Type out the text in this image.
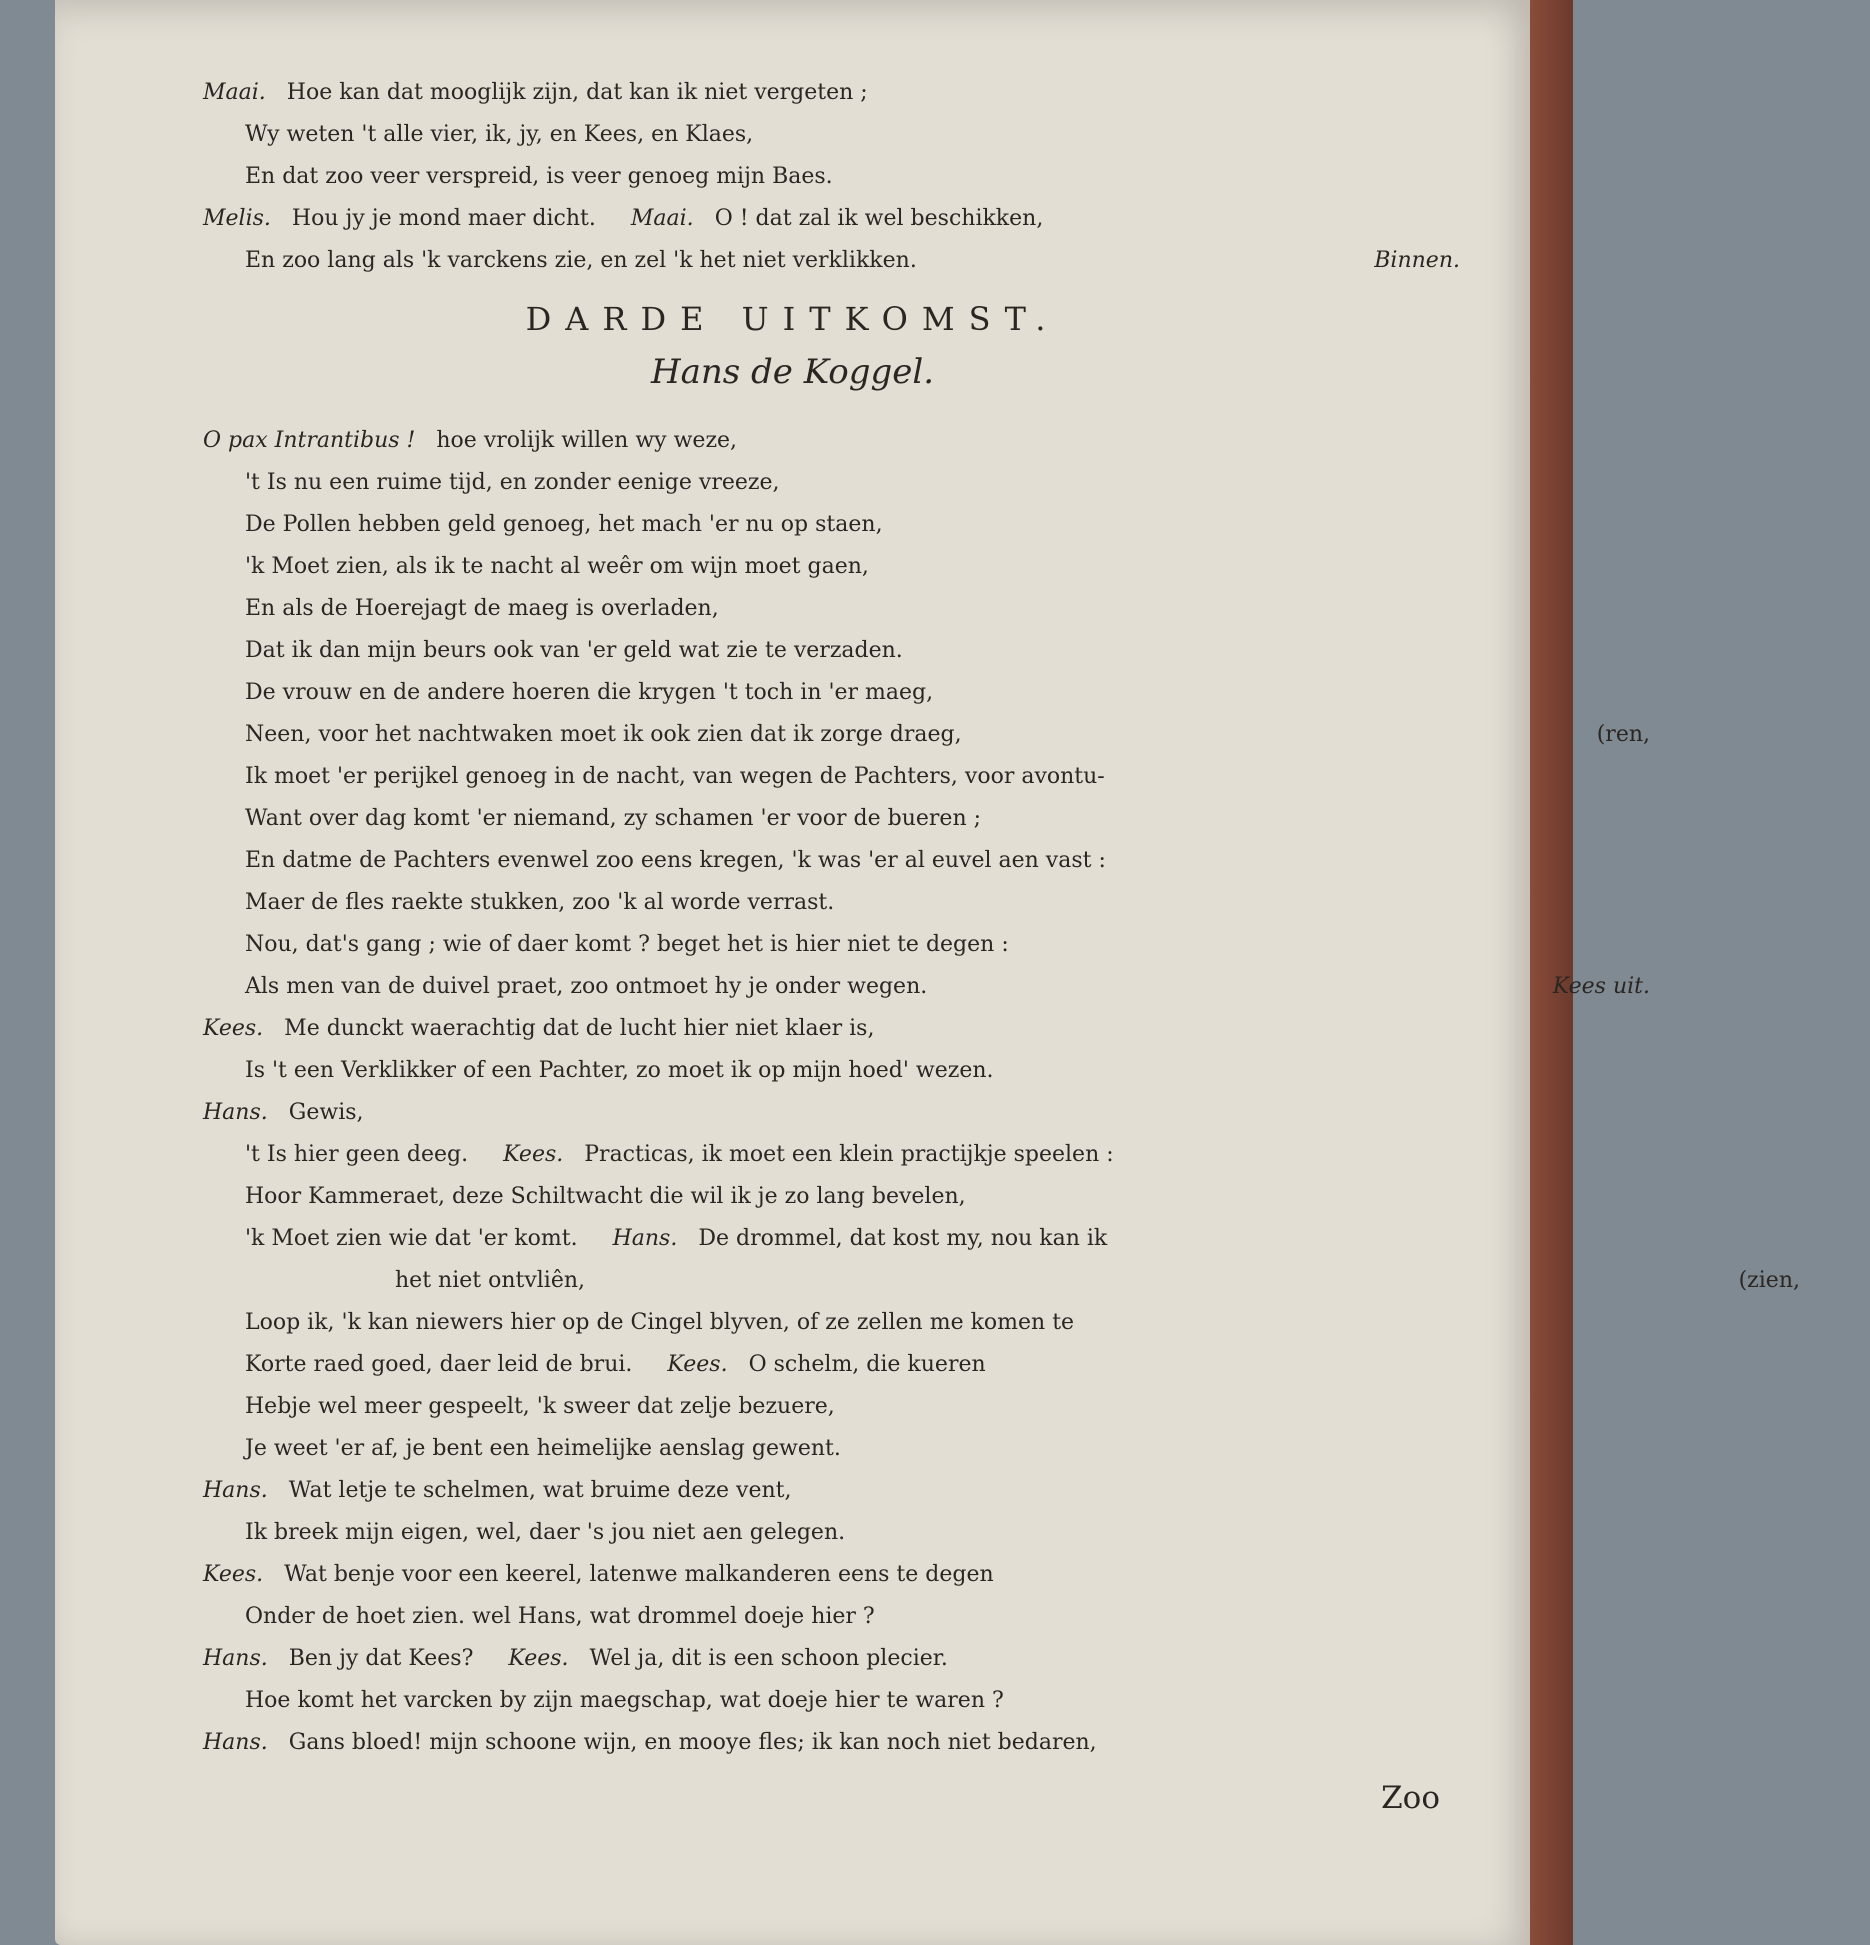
Maai. Hoe kan dat mooglijk zijn, dat kan ik niet vergeten ;
Wy weten 't alle vier, ik, jy, en Kees, en Klaes,
En dat zoo veer verspreid, is veer genoeg mijn Baes.
Melis. Hou jy je mond maer dicht. Maai. O ! dat zal ik wel beschikken,
En zoo lang als 'k varckens zie, en zel 'k het niet verklikken.	Binnen.
DARDE UITKOMST.
Hans de Koggel.
O pax Intrantibus ! hoe vrolijk willen wy weze,
't Is nu een ruime tijd, en zonder eenige vreeze,
De Pollen hebben geld genoeg, het mach 'er nu op staen,
'k Moet zien, als ik te nacht al weêr om wijn moet gaen,
En als de Hoerejagt de maeg is overladen,
Dat ik dan mijn beurs ook van 'er geld wat zie te verzaden.
De vrouw en de andere hoeren die krygen 't toch in 'er maeg,
Neen, voor het nachtwaken moet ik ook zien dat ik zorge draeg,	(ren,
Ik moet 'er perijkel genoeg in de nacht, van wegen de Pachters, voor avontu-
Want over dag komt 'er niemand, zy schamen 'er voor de bueren ;
En datme de Pachters evenwel zoo eens kregen, 'k was 'er al euvel aen vast :
Maer de fles raekte stukken, zoo 'k al worde verrast.
Nou, dat's gang ; wie of daer komt ? beget het is hier niet te degen :
Als men van de duivel praet, zoo ontmoet hy je onder wegen.	Kees uit.
Kees. Me dunckt waerachtig dat de lucht hier niet klaer is,
Is 't een Verklikker of een Pachter, zo moet ik op mijn hoed' wezen.
Hans. Gewis,
't Is hier geen deeg. Kees. Practicas, ik moet een klein practijkje speelen :
Hoor Kammeraet, deze Schiltwacht die wil ik je zo lang bevelen,
'k Moet zien wie dat 'er komt. Hans. De drommel, dat kost my, nou kan ik
het niet ontvliên,	(zien,
Loop ik, 'k kan niewers hier op de Cingel blyven, of ze zellen me komen te
Korte raed goed, daer leid de brui. Kees. O schelm, die kueren
Hebje wel meer gespeelt, 'k sweer dat zelje bezuere,
Je weet 'er af, je bent een heimelijke aenslag gewent.
Hans. Wat letje te schelmen, wat bruime deze vent,
Ik breek mijn eigen, wel, daer 's jou niet aen gelegen.
Kees. Wat benje voor een keerel, latenwe malkanderen eens te degen
Onder de hoet zien. wel Hans, wat drommel doeje hier ?
Hans. Ben jy dat Kees? Kees. Wel ja, dit is een schoon plecier.
Hoe komt het varcken by zijn maegschap, wat doeje hier te waren ?
Hans. Gans bloed! mijn schoone wijn, en mooye fles; ik kan noch niet bedaren,
Zoo
